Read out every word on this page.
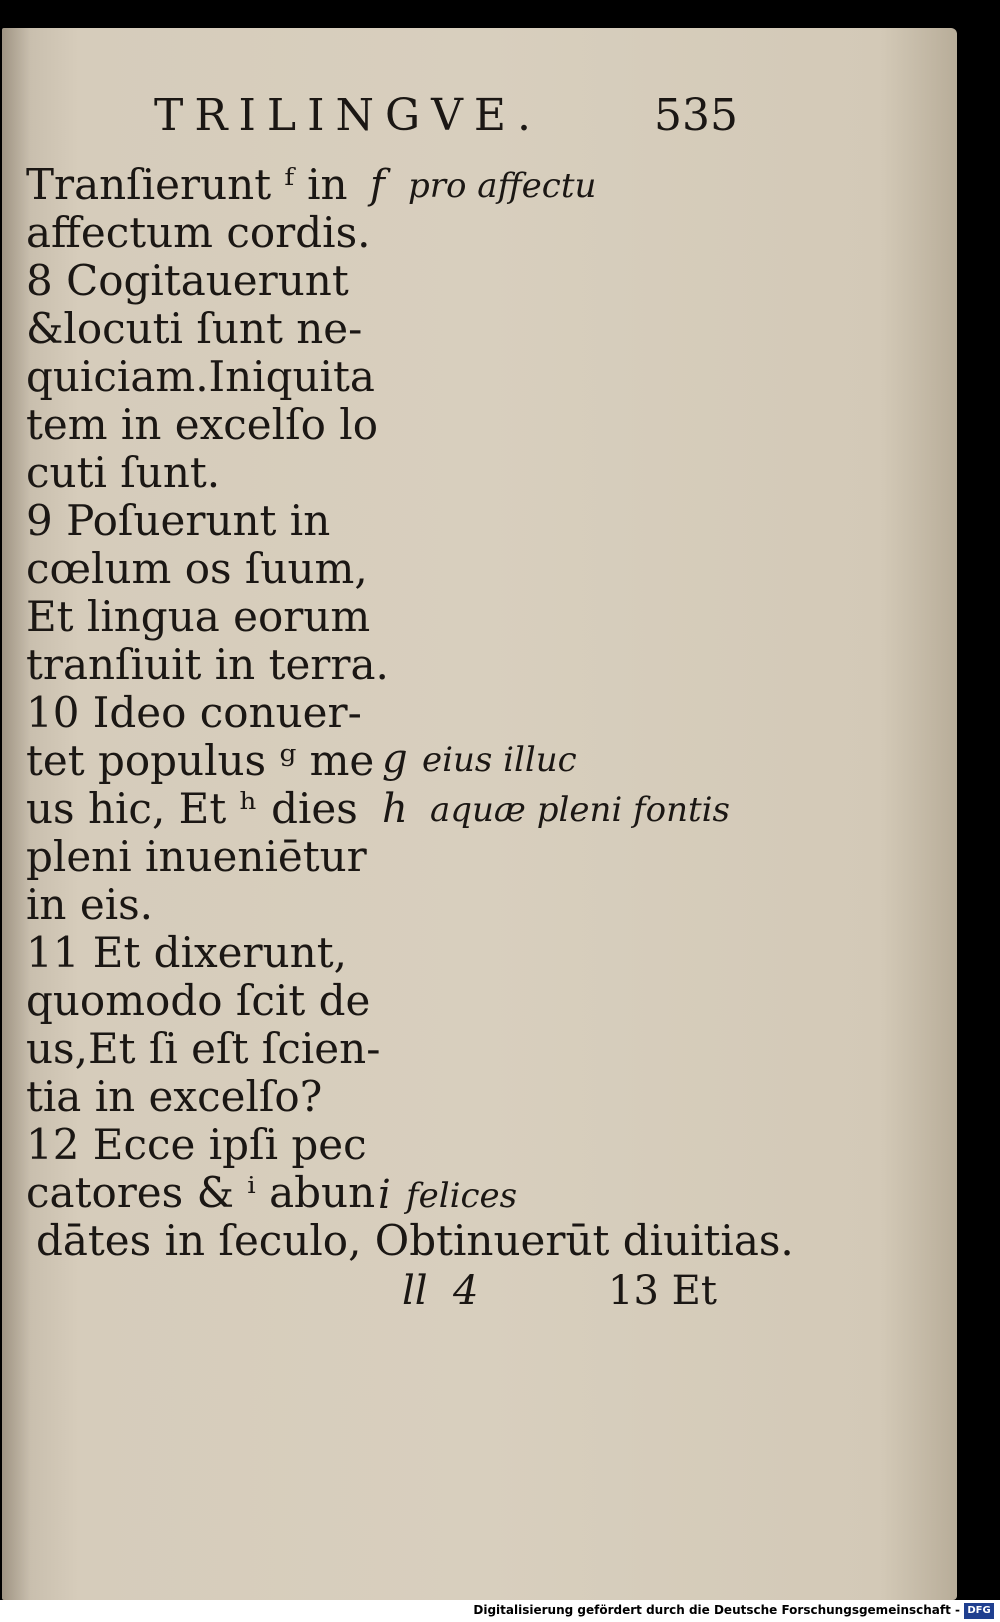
TRILINGVE.	535
Tranſierunt ᶠ in
affectum cordis.
8 Cogitauerunt
&locuti ſunt ne-
quiciam.Iniquita
tem in excelſo lo
cuti ſunt.
9 Poſuerunt in
cœlum os ſuum,
Et lingua eorum
tranſiuit in terra.
10 Ideo conuer-
tet populus ᵍ me
us hic, Et ʰ dies
pleni inueniētur
in eis.
11 Et dixerunt,
quomodo ſcit de
us,Et ſi eſt ſcien-
tia in excelſo?
12 Ecce ipſi pec
catores & ⁱ abun
dātes in ſeculo, Obtinuerūt diuitias.
f pro affectu
g eius illuc
h aquæ pleni fontis
i felices
ll  4	13 Et
Digitalisierung gefördert durch die Deutsche Forschungsgemeinschaft - DFG
